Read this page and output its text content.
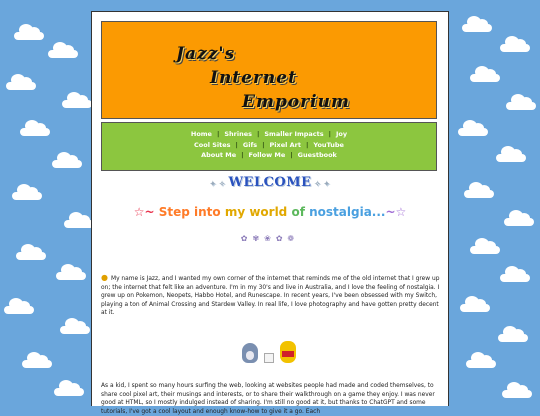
Jazz's
Internet
Emporium
Home | Shrines | Smaller Impacts | Joy
Cool Sites | Gifs | Pixel Art | YouTube
About Me | Follow Me | Guestbook
✦ ✧ WELCOME ✧ ✦
☆~ Step into my world of nostalgia...~☆
✿✾❀✿❁
● My name is Jazz, and I wanted my own corner of the internet that reminds me of the old internet that I grew up on; the internet that felt like an adventure. I'm in my 30's and live in Australia, and I love the feeling of nostalgia. I grew up on Pokemon, Neopets, Habbo Hotel, and Runescape. In recent years, I've been obsessed with my Switch, playing a ton of Animal Crossing and Stardew Valley. In real life, I love photography and have gotten pretty decent at it.
As a kid, I spent so many hours surfing the web, looking at websites people had made and coded themselves, to share cool pixel art, their musings and interests, or to share their walkthrough on a game they enjoy. I was never good at HTML, so I mostly indulged instead of sharing. I'm still no good at it, but thanks to ChatGPT and some tutorials, I've got a cool layout and enough know-how to give it a go. Each
